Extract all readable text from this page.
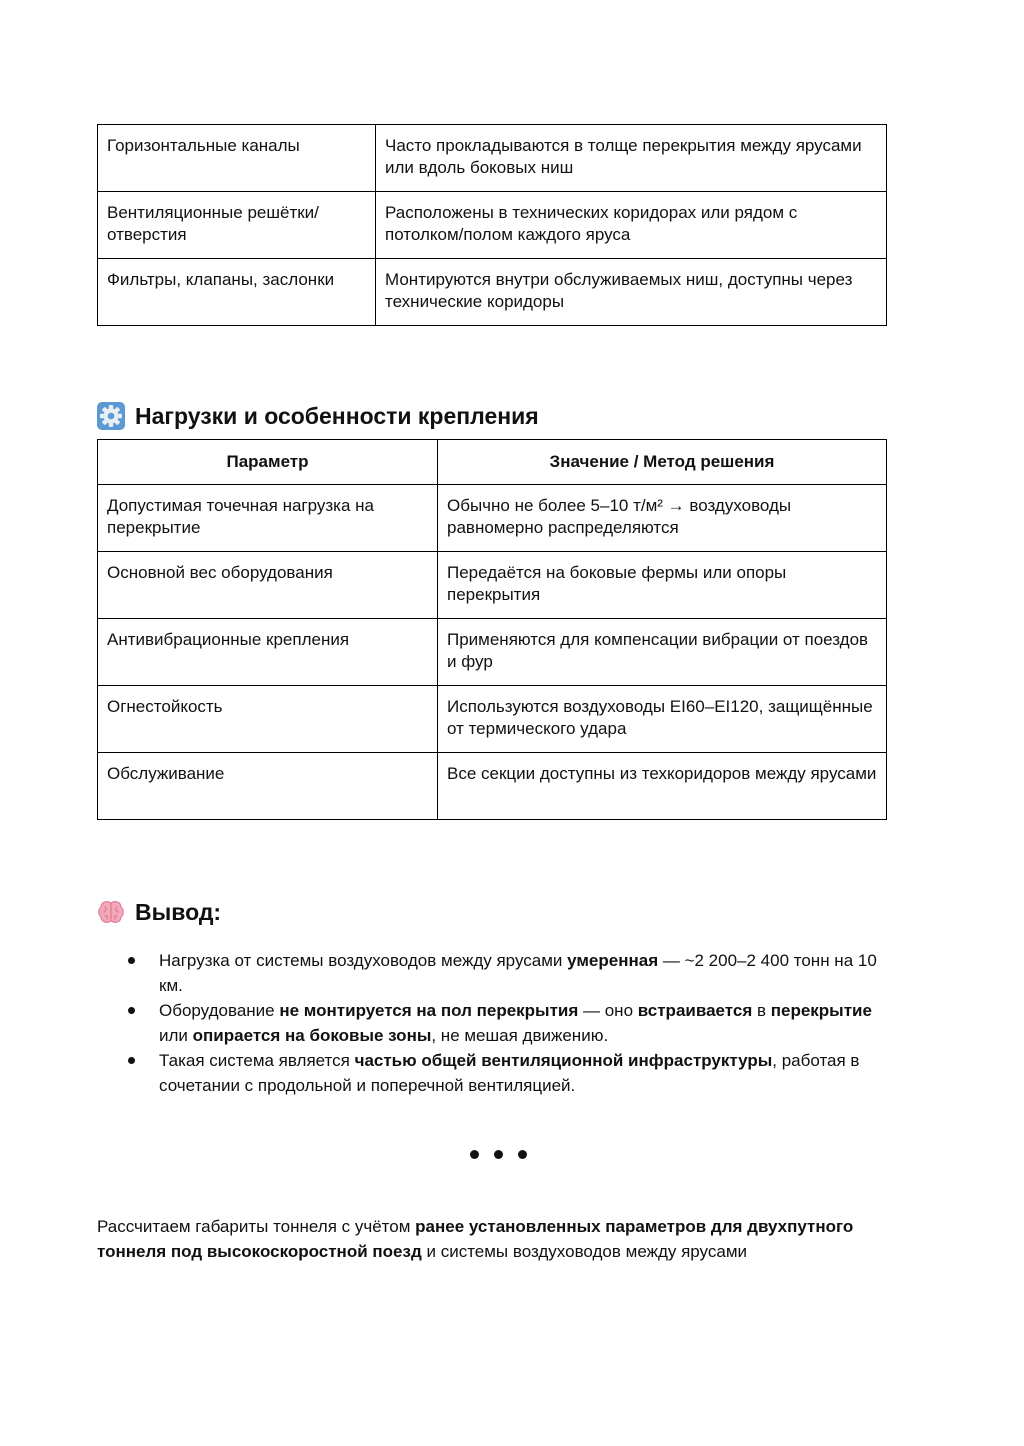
Горизонтальные каналы	Часто прокладываются в толще перекрытия между ярусами или вдоль боковых ниш
Вентиляционные решётки/отверстия	Расположены в технических коридорах или рядом с потолком/полом каждого яруса
Фильтры, клапаны, заслонки	Монтируются внутри обслуживаемых ниш, доступны через технические коридоры
Нагрузки и особенности крепления
Параметр	Значение / Метод решения
Допустимая точечная нагрузка на перекрытие	Обычно не более 5–10 т/м² → воздуховоды равномерно распределяются
Основной вес оборудования	Передаётся на боковые фермы или опоры перекрытия
Антивибрационные крепления	Применяются для компенсации вибрации от поездов и фур
Огнестойкость	Используются воздуховоды EI60–EI120, защищённые от термического удара
Обслуживание	Все секции доступны из техкоридоров между ярусами
Вывод:
Нагрузка от системы воздуховодов между ярусами умеренная — ~2 200–2 400 тонн на 10 км.
Оборудование не монтируется на пол перекрытия — оно встраивается в перекрытие или опирается на боковые зоны, не мешая движению.
Такая система является частью общей вентиляционной инфраструктуры, работая в сочетании с продольной и поперечной вентиляцией.

Рассчитаем габариты тоннеля с учётом ранее установленных параметров для двухпутного тоннеля под высокоскоростной поезд и системы воздуховодов между ярусами
